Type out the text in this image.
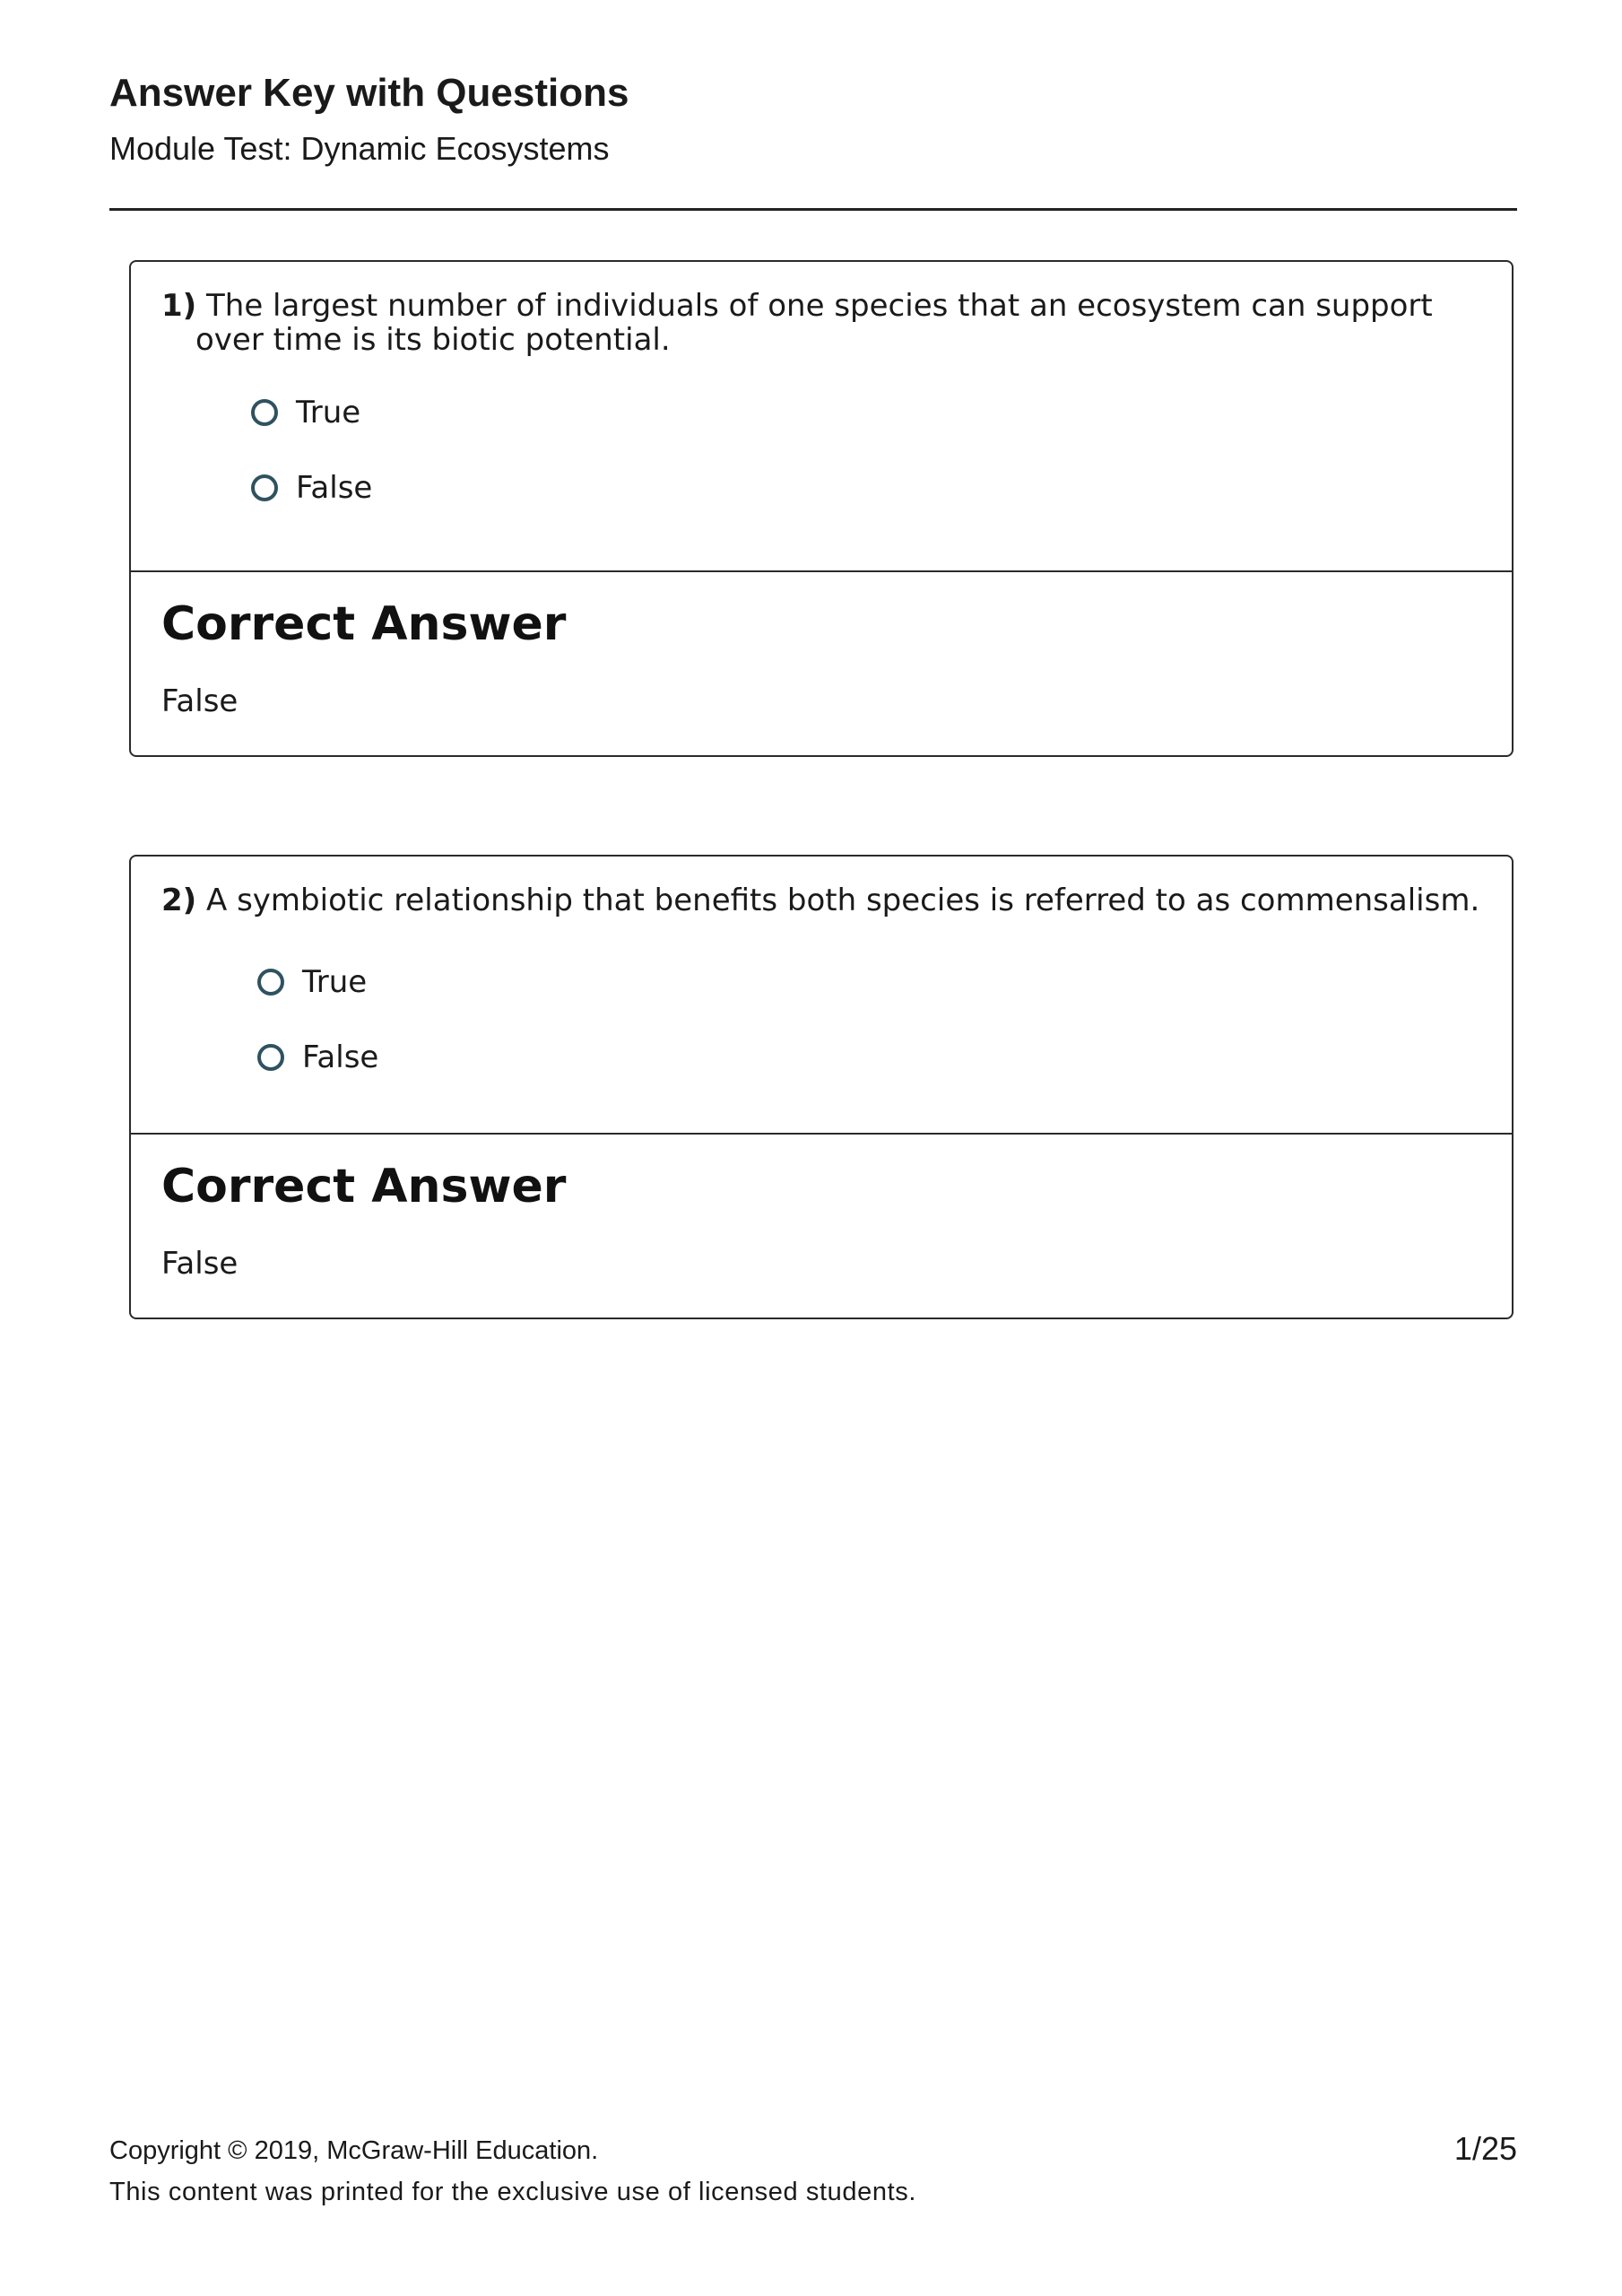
Answer Key with Questions
Module Test: Dynamic Ecosystems
1) The largest number of individuals of one species that an ecosystem can support over time is its biotic potential.
True
False
Correct Answer
False
2) A symbiotic relationship that benefits both species is referred to as commensalism.
True
False
Correct Answer
False
Copyright © 2019, McGraw-Hill Education.
This content was printed for the exclusive use of licensed students.
1/25
